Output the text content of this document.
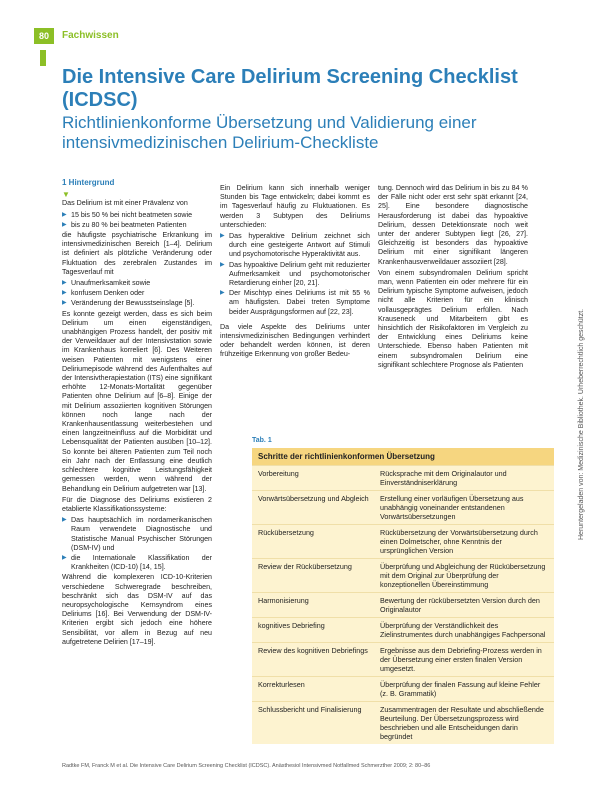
80	Fachwissen
Die Intensive Care Delirium Screening Checklist (ICDSC)
Richtlinienkonforme Übersetzung und Validierung einer intensivmedizinischen Delirium-Checkliste
1 Hintergrund
▼

Das Delirium ist mit einer Prävalenz von

▶ 15 bis 50 % bei nicht beatmeten sowie
▶ bis zu 80 % bei beatmeten Patienten

die häufigste psychiatrische Erkrankung im intensivmedizinischen Bereich [1–4]. Delirium ist definiert als plötzliche Veränderung oder Fluktuation des zerebralen Zustandes im Tagesverlauf mit

▶ Unaufmerksamkeit sowie
▶ konfusem Denken oder
▶ Veränderung der Bewusstseinslage [5].

Es konnte gezeigt werden, dass es sich beim Delirium um einen eigenständigen, unabhängigen Prozess handelt, der positiv mit der Verweildauer auf der Intensivstation sowie im Krankenhaus korreliert [6]. Des Weiteren weisen Patienten mit wenigstens einer Deliriumepisode während des Aufenthaltes auf der Intensivtherapiestation (ITS) eine signifikant erhöhte 12-Monats-Mortalität gegenüber Patienten ohne Delirium auf [6–8]. Einige der mit Delirium assoziierten kognitiven Störungen können noch lange nach der Krankenhausentlassung weiterbestehen und einen langzeitneinfluss auf die Morbidität und Lebensqualität der Patienten ausüben [10–12]. So konnte bei älteren Patienten zum Teil noch ein Jahr nach der Entlassung eine deutlich schlechtere kognitive Leistungsfähigkeit gemessen werden, wenn während der Behandlung ein Delirium aufgetreten war [13].

Für die Diagnose des Deliriums existieren 2 etablierte Klassifikationssysteme:

▶ Das hauptsächlich im nordamerikanischen Raum verwendete Diagnostische und Statistische Manual Psychischer Störungen (DSM-IV) und
▶ die Internationale Klassifikation der Krankheiten (ICD-10) [14, 15].

Während die komplexeren ICD-10-Kriterien verschiedene Schweregrade beschreiben, beschränkt sich das DSM-IV auf das neuropsychologische Kernsyndrom eines Deliriums [16]. Bei Verwendung der DSM-IV-Kriterien ergibt sich jedoch eine höhere Sensibilität, vor allem in Bezug auf neu aufgetretene Delirien [17–19].

Ein Delirium kann sich innerhalb weniger Stunden bis Tage entwickeln; dabei kommt es im Tagesverlauf häufig zu Fluktuationen. Es werden 3 Subtypen des Deliriums unterschieden:

▶ Das hyperaktive Delirium zeichnet sich durch eine gesteigerte Antwort auf Stimuli und psychomotorische Hyperaktivität aus.
▶ Das hypoaktive Delirium geht mit reduzierter Aufmerksamkeit und psychomotorischer Retardierung einher [20, 21].
▶ Der Mischtyp eines Deliriums ist mit 55 % am häufigsten. Dabei treten Symptome beider Ausprägungsformen auf [22, 23].

Da viele Aspekte des Deliriums unter intensivmedizinischen Bedingungen verhindert oder behandelt werden können, ist deren frühzeitige Erkennung von großer Bedeu-

tung. Dennoch wird das Delirium in bis zu 84 % der Fälle nicht oder erst sehr spät erkannt [24, 25]. Eine besondere diagnostische Herausforderung ist dabei das hypoaktive Delirium, dessen Detektionsrate noch weit unter der anderer Subtypen liegt [26, 27]. Gleichzeitig ist besonders das hypoaktive Delirium mit einer signifikant längeren Krankenhausverweildauer assoziiert [28].

Von einem subsyndromalen Delirium spricht man, wenn Patienten ein oder mehrere für ein Delirium typische Symptome aufweisen, jedoch nicht alle Kriterien für ein klinisch vollausgeprägtes Delirium erfüllen. Nach Krauseneck und Mitarbeitern gibt es hinsichtlich der Risikofaktoren im Vergleich zu der Entwicklung eines Deliriums keine Unterschiede. Ebenso haben Patienten mit einem subsyndromalen Delirium eine signifikant schlechtere Prognose als Patienten

Tab. 1
Schritte der richtlinienkonformen Übersetzung
Vorbereitung	Rücksprache mit dem Originalautor und Einverständniserklärung
Vorwärtsübersetzung und Abgleich	Erstellung einer vorläufigen Übersetzung aus unabhängig voneinander entstandenen Vorwärtsübersetzungen
Rückübersetzung	Rückübersetzung der Vorwärtsübersetzung durch einen Dolmetscher, ohne Kenntnis der ursprünglichen Version
Review der Rückübersetzung	Überprüfung und Abgleichung der Rückübersetzung mit dem Original zur Überprüfung der konzeptionellen Übereinstimmung
Harmonisierung	Bewertung der rückübersetzten Version durch den Originalautor
kognitives Debriefing	Überprüfung der Verständlichkeit des Zielinstrumentes durch unabhängiges Fachpersonal
Review des kognitiven Debriefings	Ergebnisse aus dem Debriefing-Prozess werden in der Übersetzung einer ersten finalen Version umgesetzt.
Korrekturlesen	Überprüfung der finalen Fassung auf kleine Fehler (z. B. Grammatik)
Schlussbericht und Finalisierung	Zusammentragen der Resultate und abschließende Beurteilung. Der Übersetzungsprozess wird beschrieben und alle Entscheidungen darin begründet
Heruntergeladen von: Medizinische Bibliothek. Urheberrechtlich geschützt.
Radtke FM, Franck M et al. Die Intensive Care Delirium Screening Checklist (ICDSC). Anästhesiol Intensivmed Notfallmed Schmerzther 2009; 2: 80–86
